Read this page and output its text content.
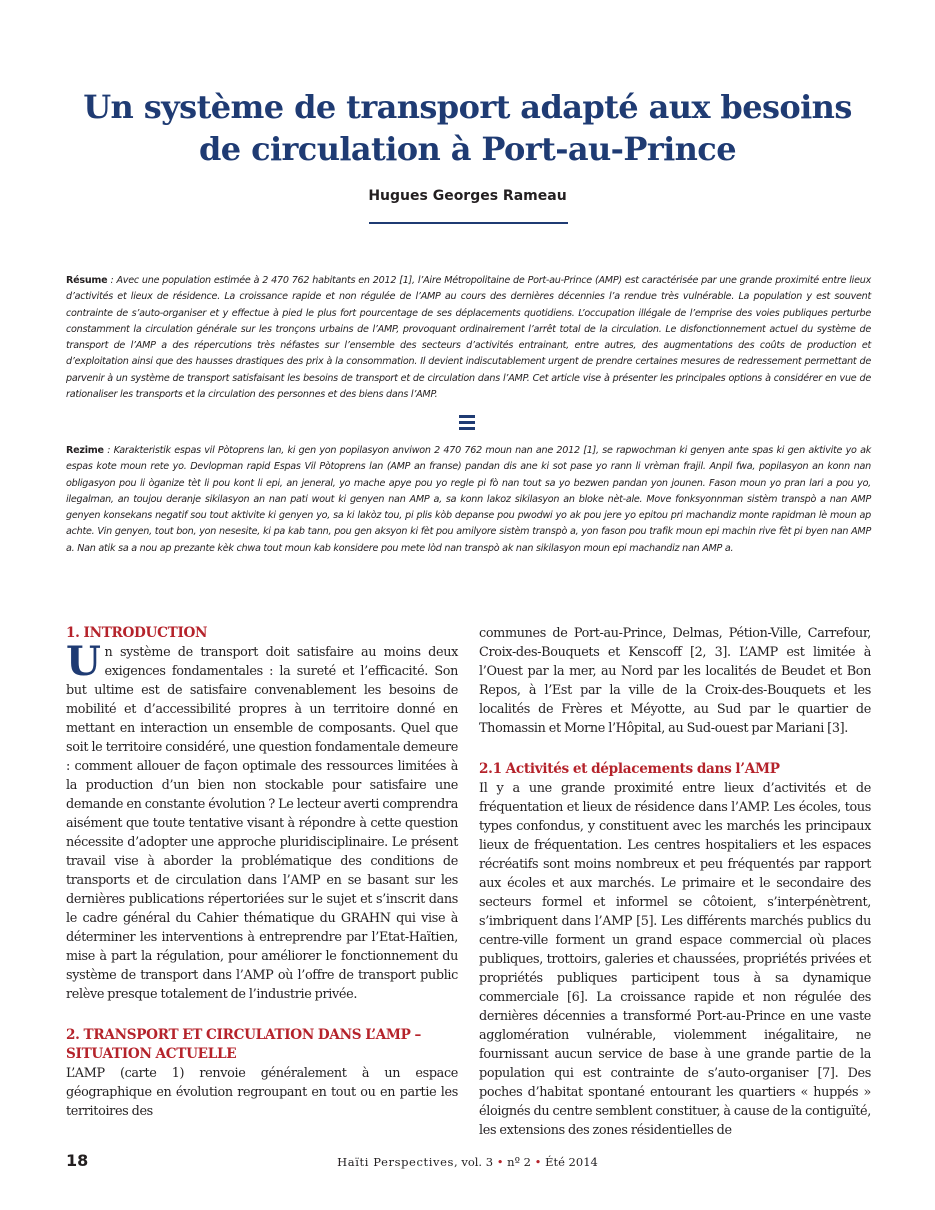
Un système de transport adapté aux besoins
de circulation à Port-au-Prince
Hugues Georges Rameau
Résume : Avec une population estimée à 2 470 762 habitants en 2012 [1], l’Aire Métropolitaine de Port-au-Prince (AMP) est caractérisée par une grande proximité entre lieux d’activités et lieux de résidence. La croissance rapide et non régulée de l’AMP au cours des dernières décennies l’a rendue très vulnérable. La population y est souvent contrainte de s’auto-organiser et y effectue à pied le plus fort pourcentage de ses déplacements quotidiens. L’occupation illégale de l’emprise des voies publiques perturbe constamment la circulation générale sur les tronçons urbains de l’AMP, provoquant ordinairement l’arrêt total de la circulation. Le disfonctionnement actuel du système de transport de l’AMP a des répercutions très néfastes sur l’ensemble des secteurs d’activités entrainant, entre autres, des augmentations des coûts de production et d’exploitation ainsi que des hausses drastiques des prix à la consommation. Il devient indiscutablement urgent de prendre certaines mesures de redressement permettant de parvenir à un système de transport satisfaisant les besoins de transport et de circulation dans l’AMP. Cet article vise à présenter les principales options à considérer en vue de rationaliser les transports et la circulation des personnes et des biens dans l’AMP.
Rezime : Karakteristik espas vil Pòtoprens lan, ki gen yon popilasyon anviwon 2 470 762 moun nan ane 2012 [1], se rapwochman ki genyen ante spas ki gen aktivite yo ak espas kote moun rete yo. Devlopman rapid Espas Vil Pòtoprens lan (AMP an franse) pandan dis ane ki sot pase yo rann li vrèman frajil. Anpil fwa, popilasyon an konn nan obligasyon pou li òganize tèt li pou kont li epi, an jeneral, yo mache apye pou yo regle pi fò nan tout sa yo bezwen pandan yon jounen. Fason moun yo pran lari a pou yo, ilegalman, an toujou deranje sikilasyon an nan pati wout ki genyen nan AMP a, sa konn lakoz sikilasyon an bloke nèt-ale. Move fonksyonnman sistèm transpò a nan AMP genyen konsekans negatif sou tout aktivite ki genyen yo, sa ki lakòz tou, pi plis kòb depanse pou pwodwi yo ak pou jere yo epitou pri machandiz monte rapidman lè moun ap achte. Vin genyen, tout bon, yon nesesite, ki pa kab tann, pou gen aksyon ki fèt pou amilyore sistèm transpò a, yon fason pou trafik moun epi machin rive fèt pi byen nan AMP a. Nan atik sa a nou ap prezante kèk chwa tout moun kab konsidere pou mete lòd nan transpò ak nan sikilasyon moun epi machandiz nan AMP a.
1. INTRODUCTION

Un système de transport doit satisfaire au moins deux exigences fondamentales : la sureté et l’efficacité. Son but ultime est de satisfaire convenablement les besoins de mobilité et d’accessibilité propres à un territoire donné en mettant en interaction un ensemble de composants. Quel que soit le territoire considéré, une question fondamentale demeure : comment allouer de façon optimale des ressources limitées à la production d’un bien non stockable pour satisfaire une demande en constante évolution ? Le lecteur averti comprendra aisément que toute tentative visant à répondre à cette question nécessite d’adopter une approche pluridisciplinaire. Le présent travail vise à aborder la problématique des conditions de transports et de circulation dans l’AMP en se basant sur les dernières publications répertoriées sur le sujet et s’inscrit dans le cadre général du Cahier thématique du GRAHN qui vise à déterminer les interventions à entreprendre par l’Etat-Haïtien, mise à part la régulation, pour améliorer le fonctionnement du système de transport dans l’AMP où l’offre de transport public relève presque totalement de l’industrie privée.

2. TRANSPORT ET CIRCULATION DANS L’AMP – SITUATION ACTUELLE

L’AMP (carte 1) renvoie généralement à un espace géographique en évolution regroupant en tout ou en partie les territoires des

communes de Port-au-Prince, Delmas, Pétion-Ville, Carrefour, Croix-des-Bouquets et Kenscoff [2, 3]. L’AMP est limitée à l’Ouest par la mer, au Nord par les localités de Beudet et Bon Repos, à l’Est par la ville de la Croix-des-Bouquets et les localités de Frères et Méyotte, au Sud par le quartier de Thomassin et Morne l’Hôpital, au Sud-ouest par Mariani [3].

2.1 Activités et déplacements dans l’AMP

Il y a une grande proximité entre lieux d’activités et de fréquentation et lieux de résidence dans l’AMP. Les écoles, tous types confondus, y constituent avec les marchés les principaux lieux de fréquentation. Les centres hospitaliers et les espaces récréatifs sont moins nombreux et peu fréquentés par rapport aux écoles et aux marchés. Le primaire et le secondaire des secteurs formel et informel se côtoient, s’interpénètrent, s’imbriquent dans l’AMP [5]. Les différents marchés publics du centre-ville forment un grand espace commercial où places publiques, trottoirs, galeries et chaussées, propriétés privées et propriétés publiques participent tous à sa dynamique commerciale [6]. La croissance rapide et non régulée des dernières décennies a transformé Port-au-Prince en une vaste agglomération vulnérable, violemment inégalitaire, ne fournissant aucun service de base à une grande partie de la population qui est contrainte de s’auto-organiser [7]. Des poches d’habitat spontané entourant les quartiers « huppés » éloignés du centre semblent constituer, à cause de la contiguïté, les extensions des zones résidentielles de

18	Haïti Perspectives, vol. 3 • nº 2 • Été 2014
